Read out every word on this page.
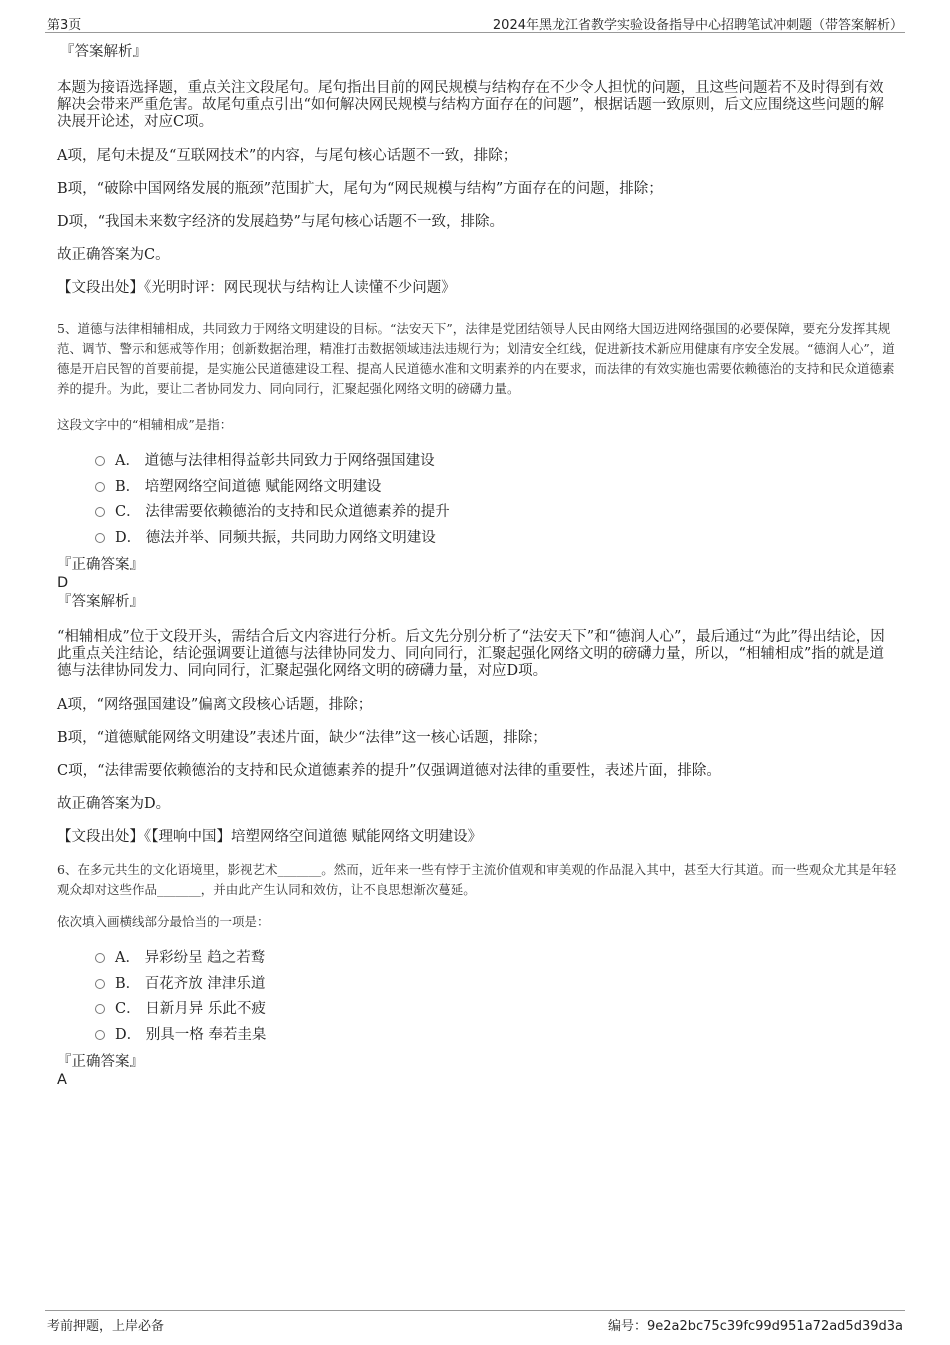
第3页	2024年黑龙江省教学实验设备指导中心招聘笔试冲刺题（带答案解析）

『答案解析』

本题为接语选择题，重点关注文段尾句。尾句指出目前的网民规模与结构存在不少令人担忧的问题，且这些问题若不及时得到有效解决会带来严重危害。故尾句重点引出“如何解决网民规模与结构方面存在的问题”，根据话题一致原则，后文应围绕这些问题的解决展开论述，对应C项。

A项，尾句未提及“互联网技术”的内容，与尾句核心话题不一致，排除；

B项，“破除中国网络发展的瓶颈”范围扩大，尾句为“网民规模与结构”方面存在的问题，排除；

D项，“我国未来数字经济的发展趋势”与尾句核心话题不一致，排除。

故正确答案为C。

【文段出处】《光明时评：网民现状与结构让人读懂不少问题》

5、道德与法律相辅相成，共同致力于网络文明建设的目标。“法安天下”，法律是党团结领导人民由网络大国迈进网络强国的必要保障，要充分发挥其规范、调节、警示和惩戒等作用；创新数据治理，精准打击数据领域违法违规行为；划清安全红线，促进新技术新应用健康有序安全发展。“德润人心”，道德是开启民智的首要前提，是实施公民道德建设工程、提高人民道德水准和文明素养的内在要求，而法律的有效实施也需要依赖德治的支持和民众道德素养的提升。为此，要让二者协同发力、同向同行，汇聚起强化网络文明的磅礴力量。

这段文字中的“相辅相成”是指：

A． 道德与法律相得益彰共同致力于网络强国建设
B． 培塑网络空间道德 赋能网络文明建设
C． 法律需要依赖德治的支持和民众道德素养的提升
D． 德法并举、同频共振，共同助力网络文明建设

『正确答案』

D

『答案解析』

“相辅相成”位于文段开头，需结合后文内容进行分析。后文先分别分析了“法安天下”和“德润人心”，最后通过“为此”得出结论，因此重点关注结论，结论强调要让道德与法律协同发力、同向同行，汇聚起强化网络文明的磅礴力量，所以，“相辅相成”指的就是道德与法律协同发力、同向同行，汇聚起强化网络文明的磅礴力量，对应D项。

A项，“网络强国建设”偏离文段核心话题，排除；

B项，“道德赋能网络文明建设”表述片面，缺少“法律”这一核心话题，排除；

C项，“法律需要依赖德治的支持和民众道德素养的提升”仅强调道德对法律的重要性，表述片面，排除。

故正确答案为D。

【文段出处】《【理响中国】培塑网络空间道德 赋能网络文明建设》

6、在多元共生的文化语境里，影视艺术_______。然而，近年来一些有悖于主流价值观和审美观的作品混入其中，甚至大行其道。而一些观众尤其是年轻观众却对这些作品_______，并由此产生认同和效仿，让不良思想渐次蔓延。

依次填入画横线部分最恰当的一项是：

A． 异彩纷呈 趋之若鹜
B． 百花齐放 津津乐道
C． 日新月异 乐此不疲
D． 别具一格 奉若圭臬

『正确答案』

A

考前押题，上岸必备	编号：9e2a2bc75c39fc99d951a72ad5d39d3a
